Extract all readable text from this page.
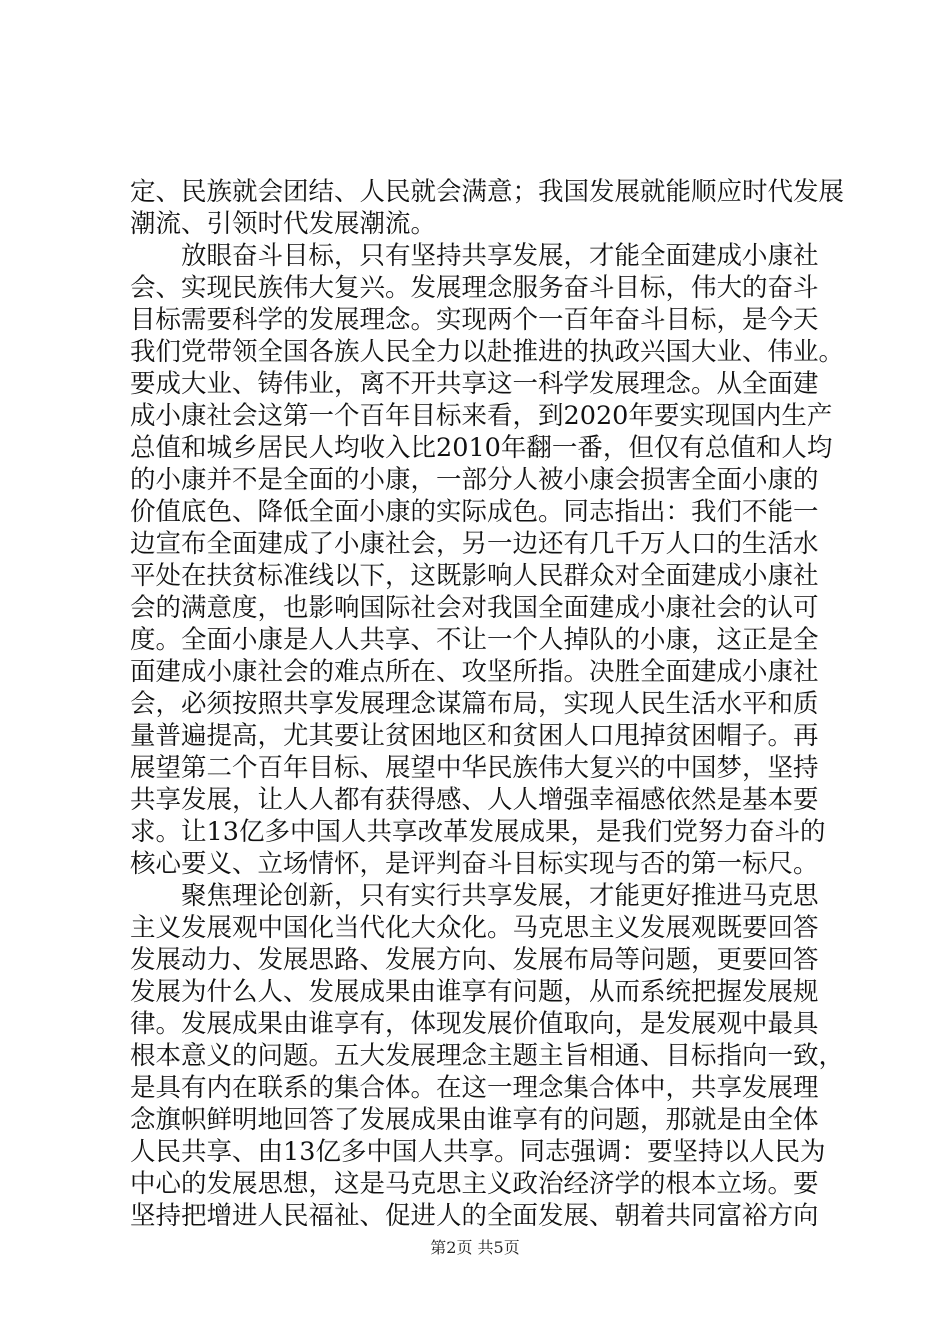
定、民族就会团结、人民就会满意；我国发展就能顺应时代发展
潮流、引领时代发展潮流。
　　放眼奋斗目标，只有坚持共享发展，才能全面建成小康社
会、实现民族伟大复兴。发展理念服务奋斗目标，伟大的奋斗
目标需要科学的发展理念。实现两个一百年奋斗目标，是今天
我们党带领全国各族人民全力以赴推进的执政兴国大业、伟业。
要成大业、铸伟业，离不开共享这一科学发展理念。从全面建
成小康社会这第一个百年目标来看，到2020年要实现国内生产
总值和城乡居民人均收入比2010年翻一番，但仅有总值和人均
的小康并不是全面的小康，一部分人被小康会损害全面小康的
价值底色、降低全面小康的实际成色。同志指出：我们不能一
边宣布全面建成了小康社会，另一边还有几千万人口的生活水
平处在扶贫标准线以下，这既影响人民群众对全面建成小康社
会的满意度，也影响国际社会对我国全面建成小康社会的认可
度。全面小康是人人共享、不让一个人掉队的小康，这正是全
面建成小康社会的难点所在、攻坚所指。决胜全面建成小康社
会，必须按照共享发展理念谋篇布局，实现人民生活水平和质
量普遍提高，尤其要让贫困地区和贫困人口甩掉贫困帽子。再
展望第二个百年目标、展望中华民族伟大复兴的中国梦，坚持
共享发展，让人人都有获得感、人人增强幸福感依然是基本要
求。让13亿多中国人共享改革发展成果，是我们党努力奋斗的
核心要义、立场情怀，是评判奋斗目标实现与否的第一标尺。
　　聚焦理论创新，只有实行共享发展，才能更好推进马克思
主义发展观中国化当代化大众化。马克思主义发展观既要回答
发展动力、发展思路、发展方向、发展布局等问题，更要回答
发展为什么人、发展成果由谁享有问题，从而系统把握发展规
律。发展成果由谁享有，体现发展价值取向，是发展观中最具
根本意义的问题。五大发展理念主题主旨相通、目标指向一致，
是具有内在联系的集合体。在这一理念集合体中，共享发展理
念旗帜鲜明地回答了发展成果由谁享有的问题，那就是由全体
人民共享、由13亿多中国人共享。同志强调：要坚持以人民为
中心的发展思想，这是马克思主义政治经济学的根本立场。要
坚持把增进人民福祉、促进人的全面发展、朝着共同富裕方向
第2页 共5页
